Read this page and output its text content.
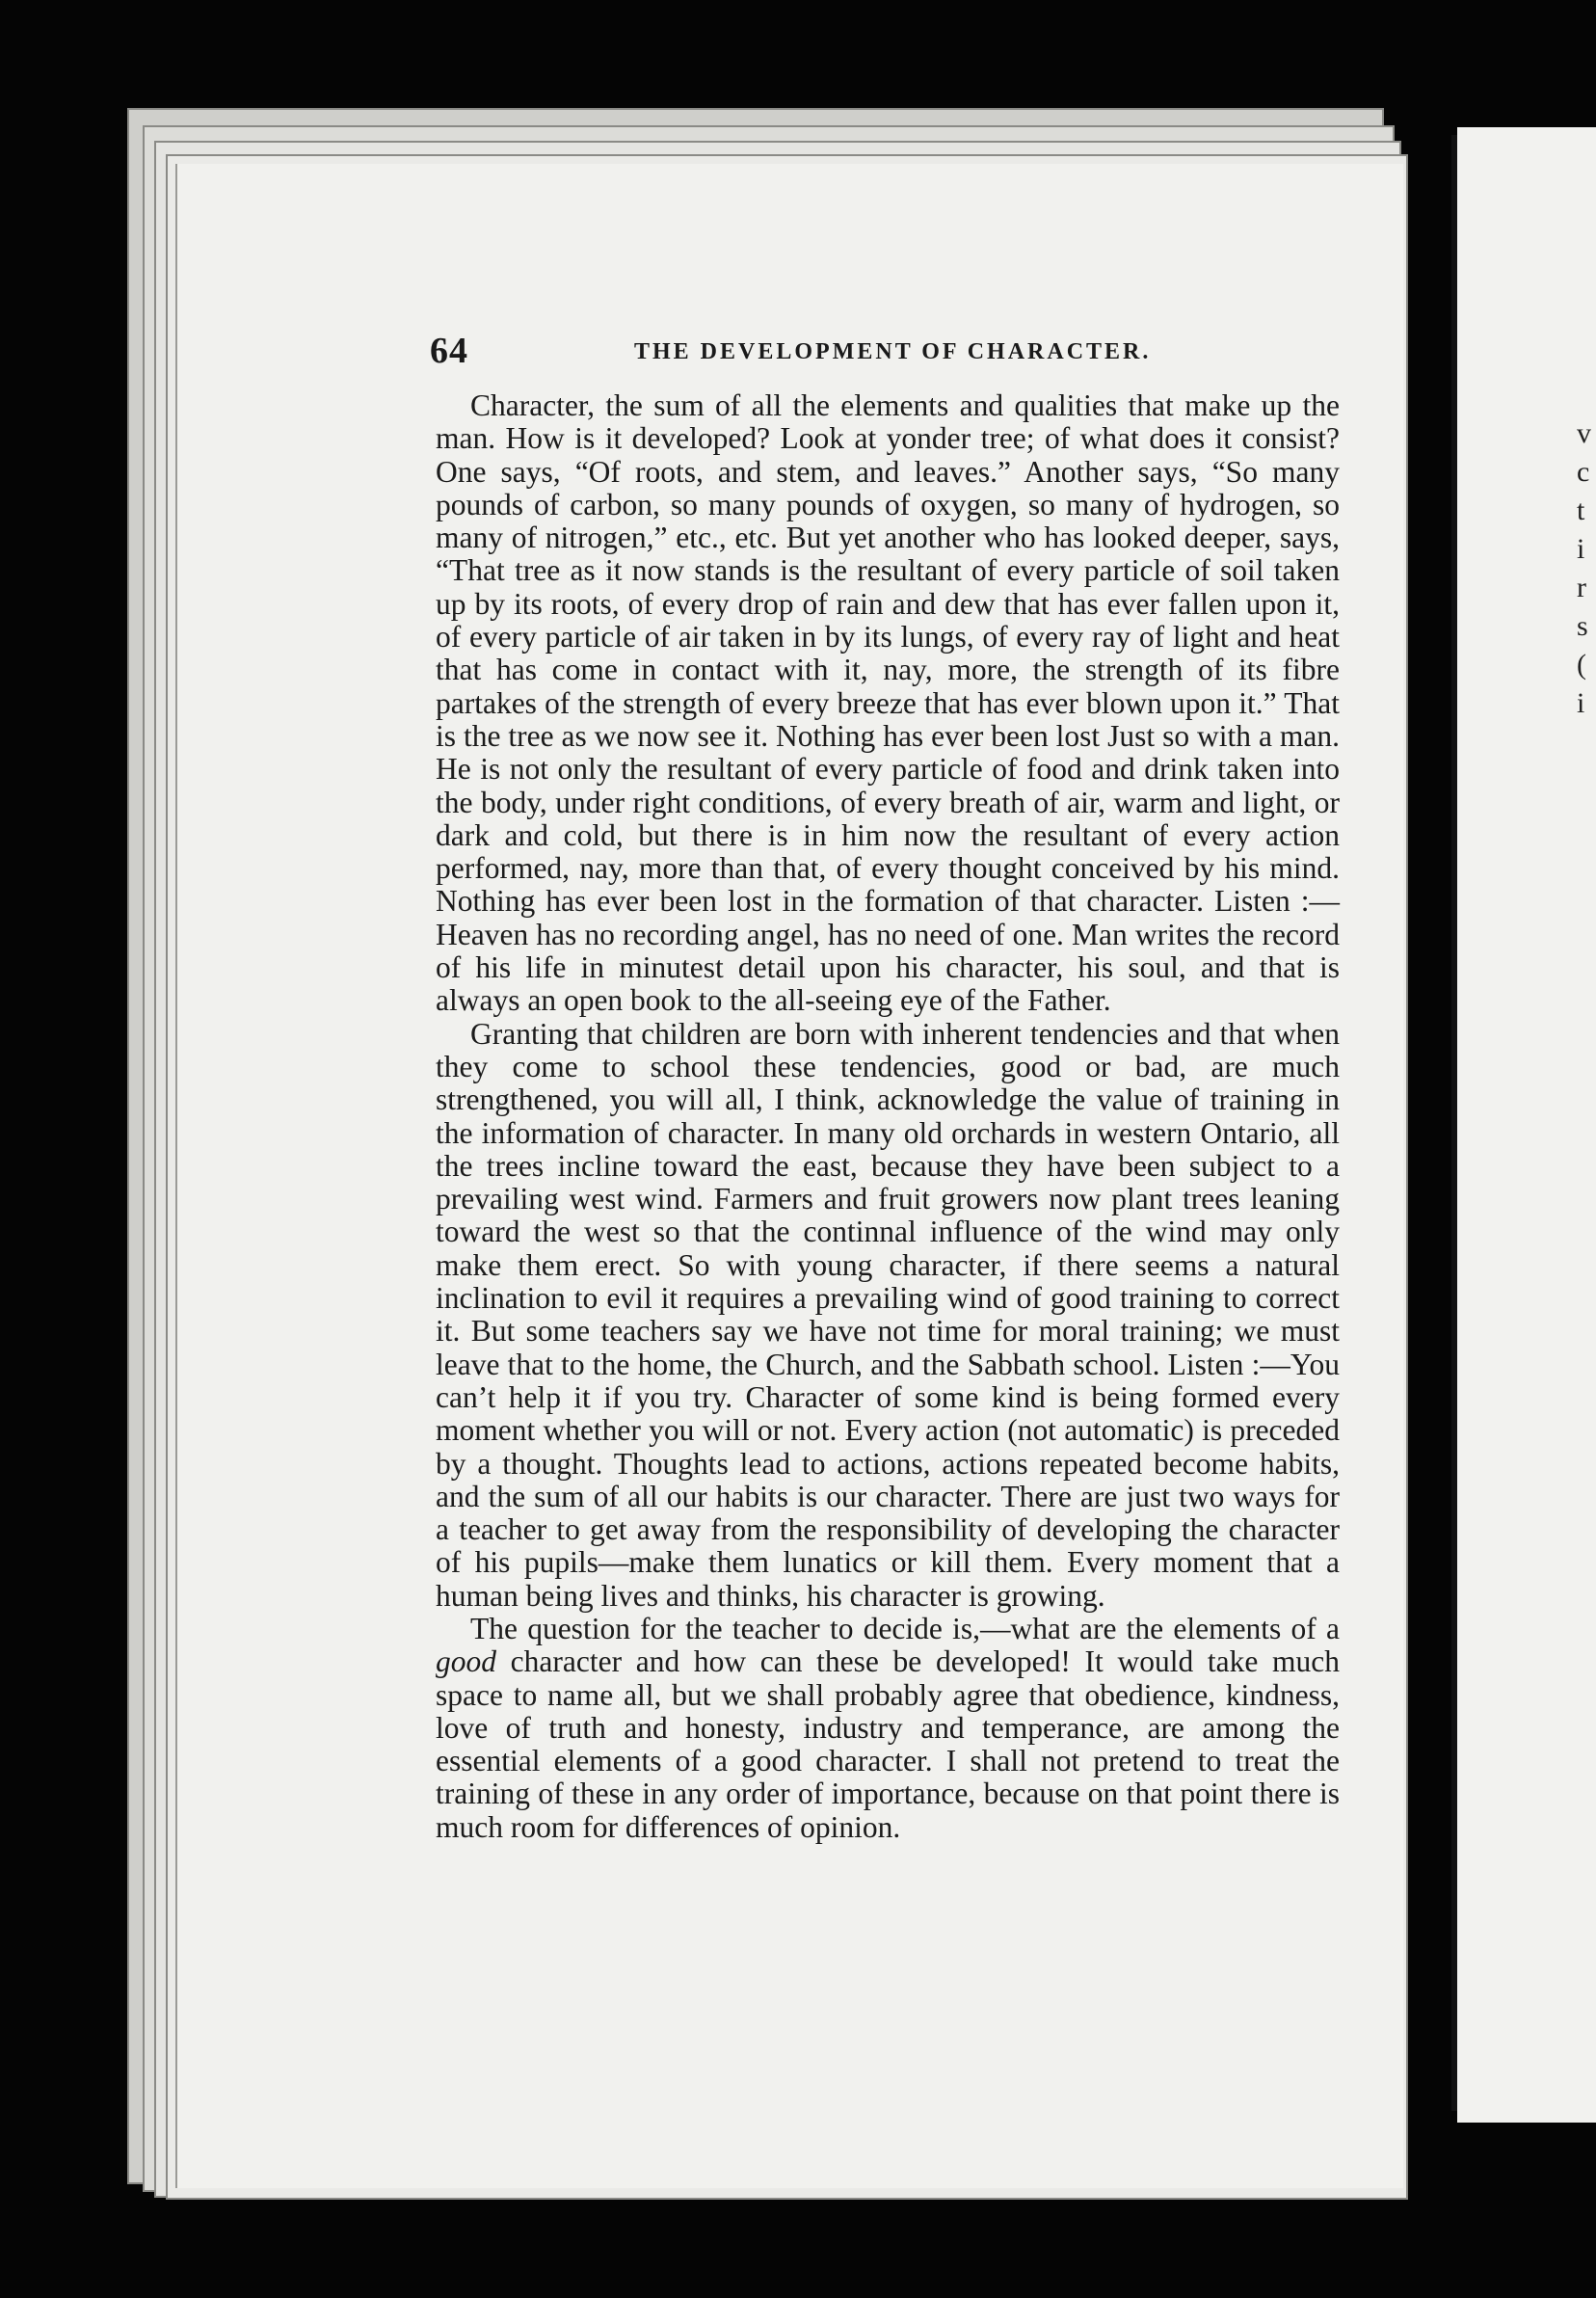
v
c
t
i
r
s
(
i
64	THE DEVELOPMENT OF CHARACTER.

Character, the sum of all the elements and qualities that make up the man. How is it developed? Look at yonder tree; of what does it consist? One says, “Of roots, and stem, and leaves.” Another says, “So many pounds of carbon, so many pounds of oxygen, so many of hydrogen, so many of nitrogen,” etc., etc. But yet another who has looked deeper, says, “That tree as it now stands is the resultant of every particle of soil taken up by its roots, of every drop of rain and dew that has ever fallen upon it, of every particle of air taken in by its lungs, of every ray of light and heat that has come in contact with it, nay, more, the strength of its fibre partakes of the strength of every breeze that has ever blown upon it.” That is the tree as we now see it. Nothing has ever been lost Just so with a man. He is not only the resultant of every particle of food and drink taken into the body, under right conditions, of every breath of air, warm and light, or dark and cold, but there is in him now the resultant of every action performed, nay, more than that, of every thought conceived by his mind. Nothing has ever been lost in the formation of that character. Listen :—Heaven has no recording angel, has no need of one. Man writes the record of his life in minutest detail upon his character, his soul, and that is always an open book to the all-seeing eye of the Father.

Granting that children are born with inherent tendencies and that when they come to school these tendencies, good or bad, are much strengthened, you will all, I think, acknowledge the value of training in the information of character. In many old orchards in western Ontario, all the trees incline toward the east, because they have been subject to a prevailing west wind. Farmers and fruit growers now plant trees leaning toward the west so that the continnal influence of the wind may only make them erect. So with young character, if there seems a natural inclination to evil it requires a prevailing wind of good training to correct it. But some teachers say we have not time for moral training; we must leave that to the home, the Church, and the Sabbath school. Listen :—You can’t help it if you try. Character of some kind is being formed every moment whether you will or not. Every action (not automatic) is preceded by a thought. Thoughts lead to actions, actions repeated become habits, and the sum of all our habits is our character. There are just two ways for a teacher to get away from the responsibility of developing the character of his pupils—make them lunatics or kill them. Every moment that a human being lives and thinks, his character is growing.

The question for the teacher to decide is,—what are the elements of a good character and how can these be developed! It would take much space to name all, but we shall probably agree that obedience, kindness, love of truth and honesty, industry and temperance, are among the essential elements of a good character. I shall not pretend to treat the training of these in any order of importance, because on that point there is much room for differences of opinion.
